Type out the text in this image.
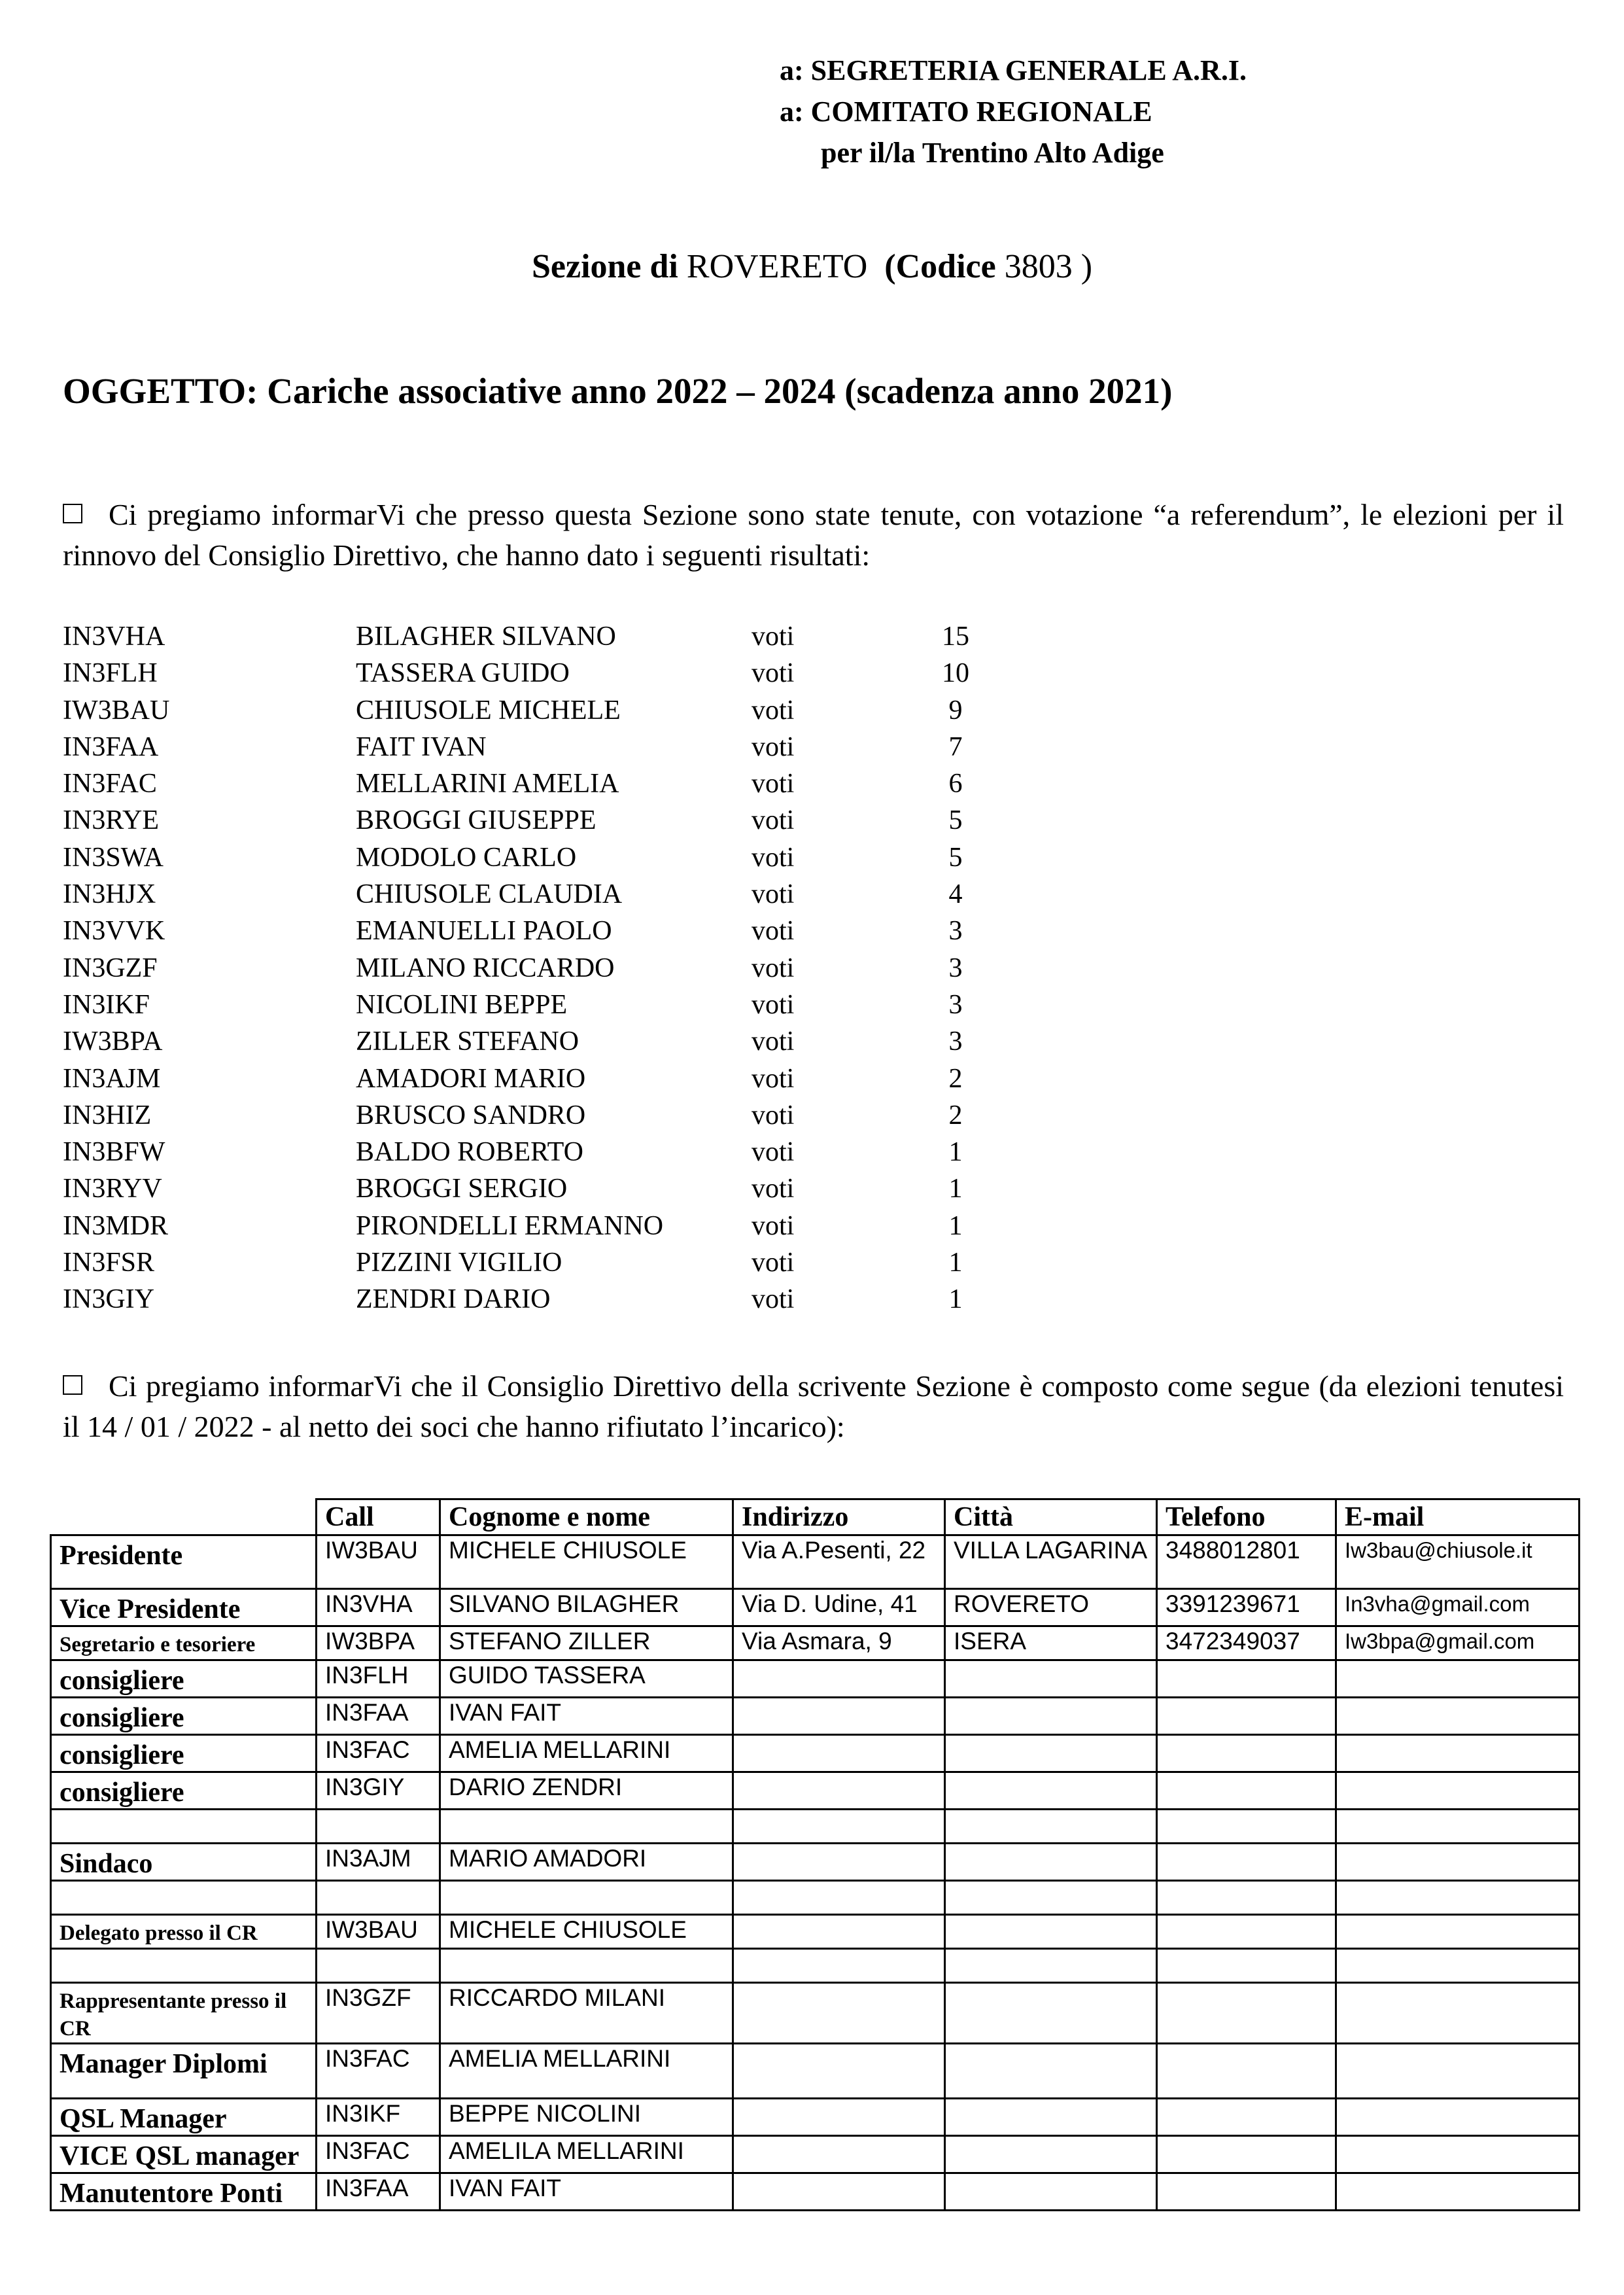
a: SEGRETERIA GENERALE A.R.I.
a: COMITATO REGIONALE
per il/la Trentino Alto Adige
Sezione di ROVERETO (Codice 3803 )
OGGETTO: Cariche associative anno 2022 – 2024 (scadenza anno 2021)
Ci pregiamo informarVi che presso questa Sezione sono state tenute, con votazione “a referendum”, le elezioni per il rinnovo del Consiglio Direttivo, che hanno dato i seguenti risultati:
IN3VHA	BILAGHER SILVANO	voti	15
IN3FLH	TASSERA GUIDO	voti	10
IW3BAU	CHIUSOLE MICHELE	voti	9
IN3FAA	FAIT IVAN	voti	7
IN3FAC	MELLARINI AMELIA	voti	6
IN3RYE	BROGGI GIUSEPPE	voti	5
IN3SWA	MODOLO CARLO	voti	5
IN3HJX	CHIUSOLE CLAUDIA	voti	4
IN3VVK	EMANUELLI PAOLO	voti	3
IN3GZF	MILANO RICCARDO	voti	3
IN3IKF	NICOLINI BEPPE	voti	3
IW3BPA	ZILLER STEFANO	voti	3
IN3AJM	AMADORI MARIO	voti	2
IN3HIZ	BRUSCO SANDRO	voti	2
IN3BFW	BALDO ROBERTO	voti	1
IN3RYV	BROGGI SERGIO	voti	1
IN3MDR	PIRONDELLI ERMANNO	voti	1
IN3FSR	PIZZINI VIGILIO	voti	1
IN3GIY	ZENDRI DARIO	voti	1
Ci pregiamo informarVi che il Consiglio Direttivo della scrivente Sezione è composto come segue (da elezioni tenutesi il 14 / 01 / 2022 - al netto dei soci che hanno rifiutato l’incarico):
	Call	Cognome e nome	Indirizzo	Città	Telefono	E-mail
Presidente	IW3BAU	MICHELE CHIUSOLE	Via A.Pesenti, 22	VILLA LAGARINA	3488012801	Iw3bau@chiusole.it
Vice Presidente	IN3VHA	SILVANO BILAGHER	Via D. Udine, 41	ROVERETO	3391239671	In3vha@gmail.com
Segretario e tesoriere	IW3BPA	STEFANO ZILLER	Via Asmara, 9	ISERA	3472349037	Iw3bpa@gmail.com
consigliere	IN3FLH	GUIDO TASSERA				
consigliere	IN3FAA	IVAN FAIT				
consigliere	IN3FAC	AMELIA MELLARINI				
consigliere	IN3GIY	DARIO ZENDRI				

Sindaco	IN3AJM	MARIO AMADORI				

Delegato presso il CR	IW3BAU	MICHELE CHIUSOLE				

Rappresentante presso il CR	IN3GZF	RICCARDO MILANI				
Manager Diplomi	IN3FAC	AMELIA MELLARINI				
QSL Manager	IN3IKF	BEPPE NICOLINI				
VICE QSL manager	IN3FAC	AMELILA MELLARINI				
Manutentore Ponti	IN3FAA	IVAN FAIT				
